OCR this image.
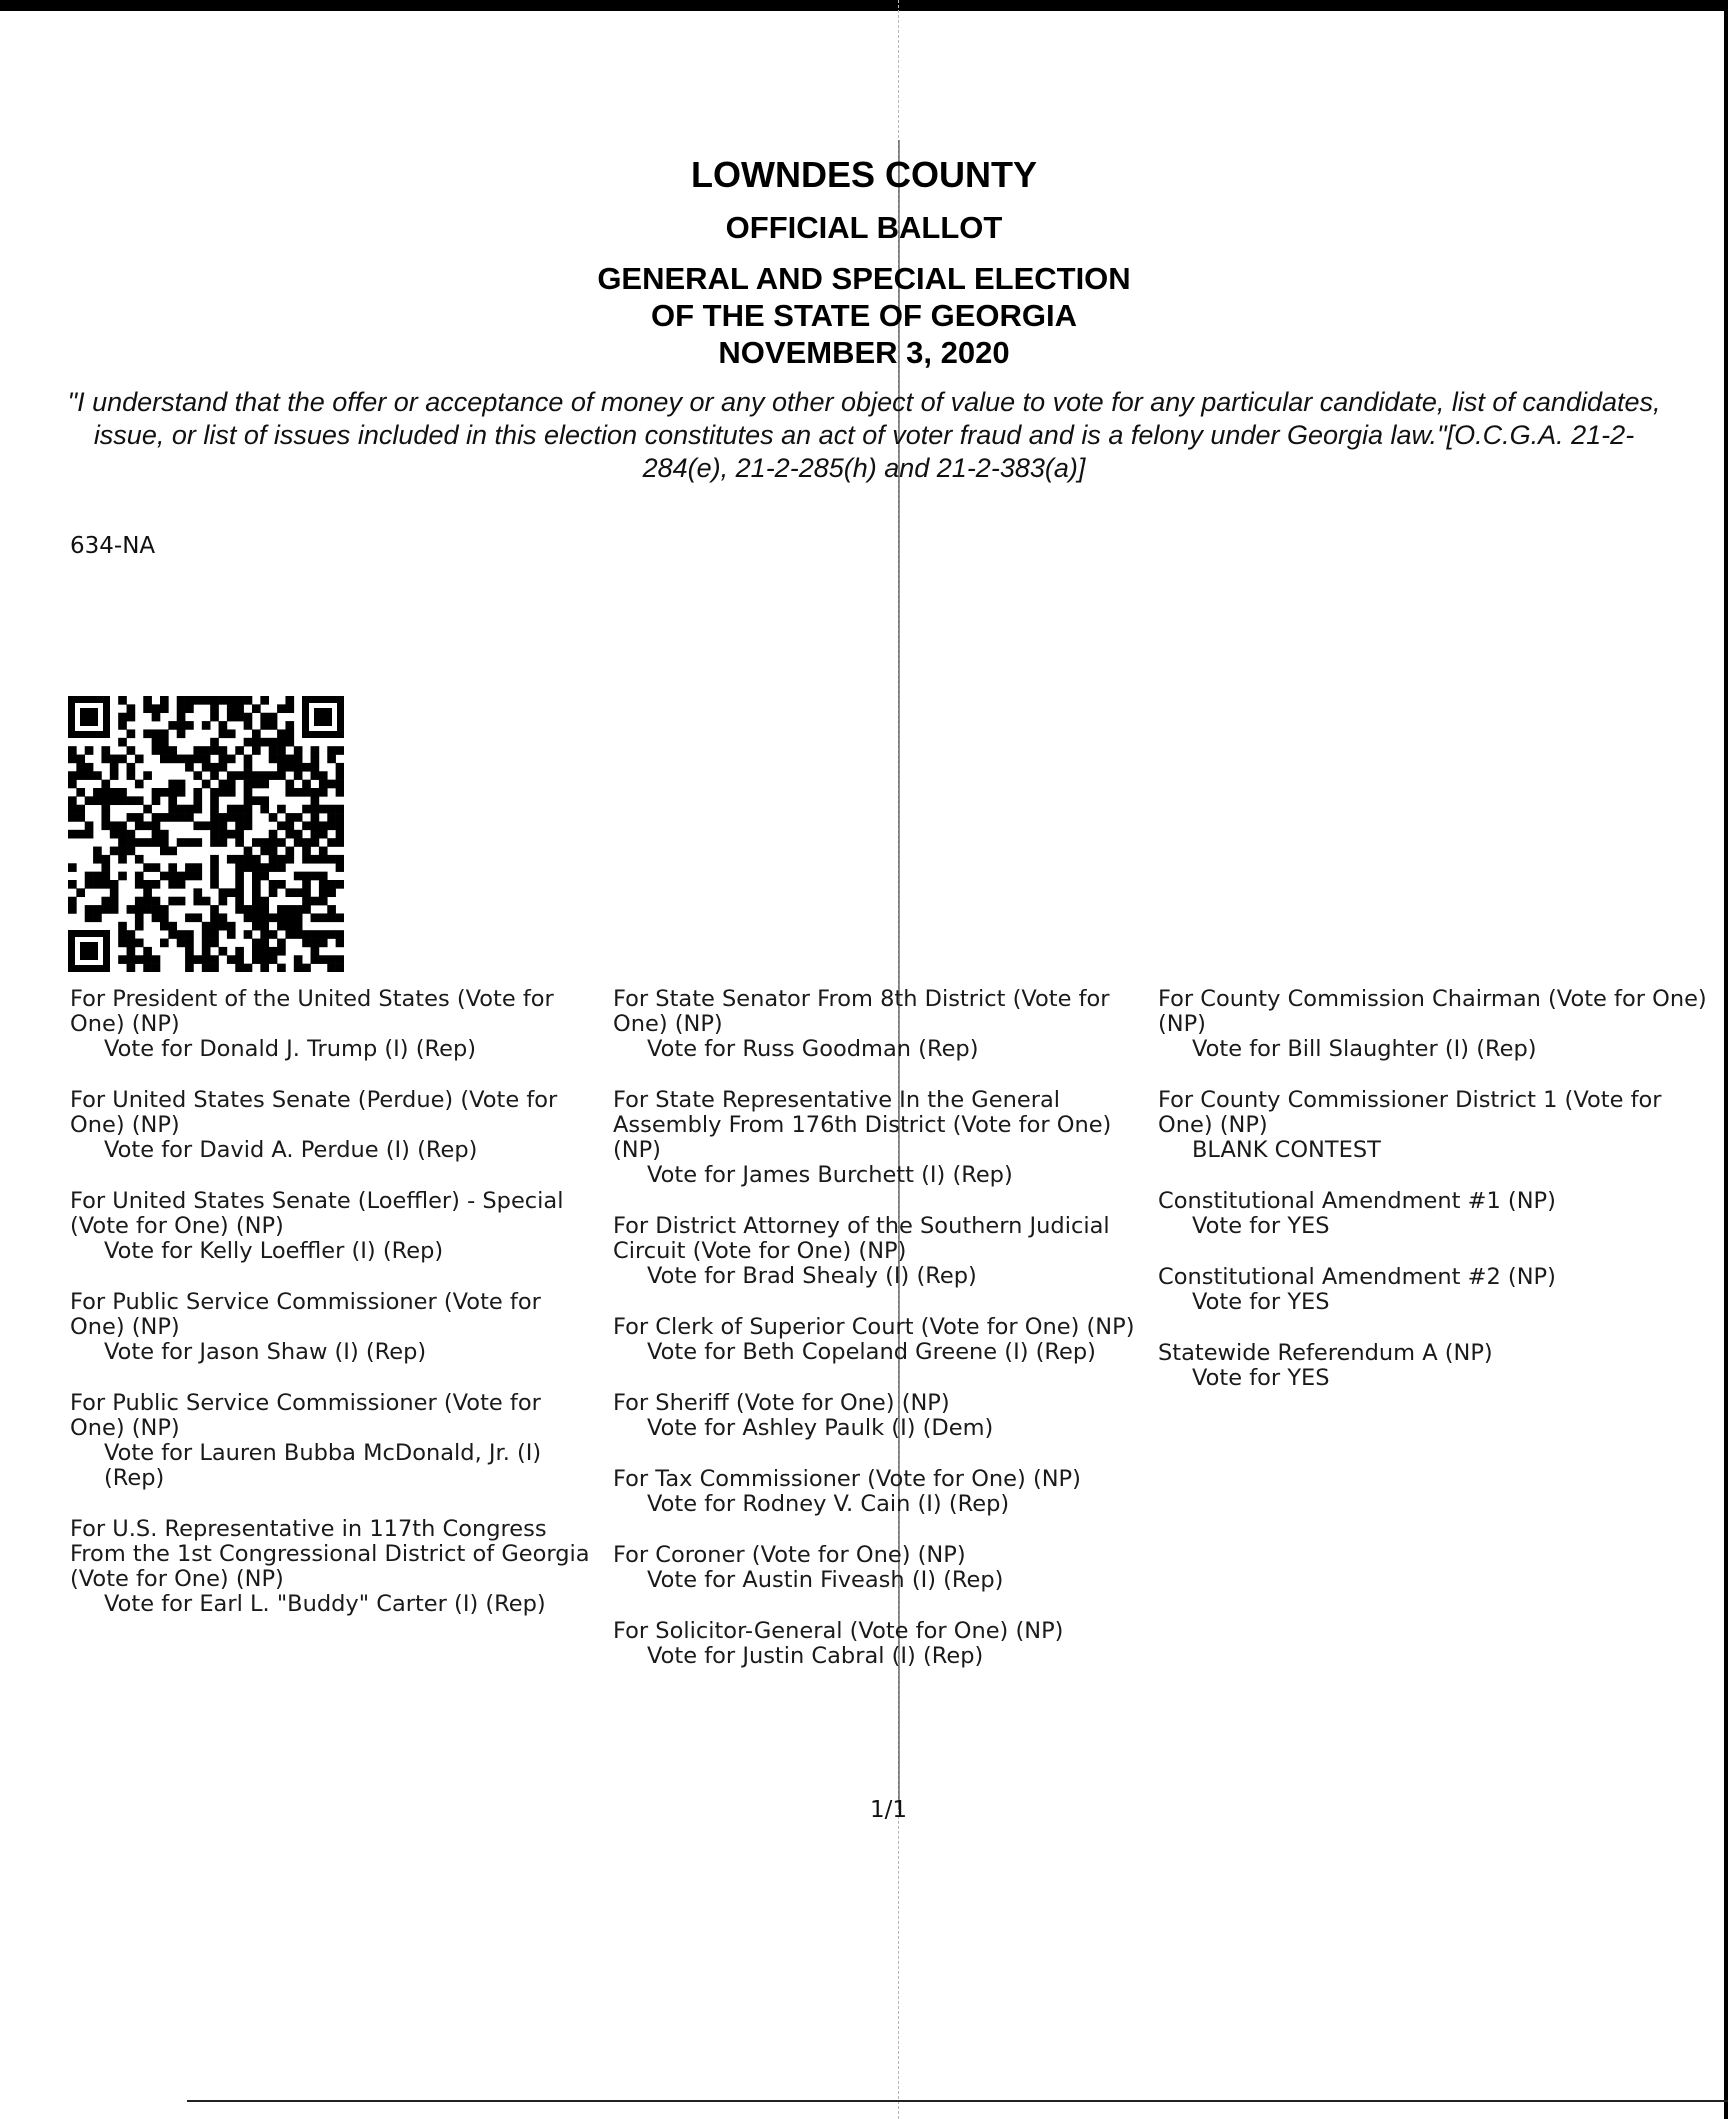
LOWNDES COUNTY
OFFICIAL BALLOT
GENERAL AND SPECIAL ELECTION
OF THE STATE OF GEORGIA
NOVEMBER 3, 2020
"I understand that the offer or acceptance of money or any other object of value to vote for any particular candidate, list of candidates, issue, or list of issues included in this election constitutes an act of voter fraud and is a felony under Georgia law."[O.C.G.A. 21-2-284(e), 21-2-285(h) and 21-2-383(a)]
634-NA
For President of the United States (Vote for One) (NP)
Vote for Donald J. Trump (I) (Rep)
For United States Senate (Perdue) (Vote for One) (NP)
Vote for David A. Perdue (I) (Rep)
For United States Senate (Loeffler) - Special (Vote for One) (NP)
Vote for Kelly Loeffler (I) (Rep)
For Public Service Commissioner (Vote for One) (NP)
Vote for Jason Shaw (I) (Rep)
For Public Service Commissioner (Vote for One) (NP)
Vote for Lauren Bubba McDonald, Jr. (I) (Rep)
For U.S. Representative in 117th Congress From the 1st Congressional District of Georgia (Vote for One) (NP)
Vote for Earl L. "Buddy" Carter (I) (Rep)
For State Senator From 8th District (Vote for One) (NP)
Vote for Russ Goodman (Rep)
For State Representative In the General Assembly From 176th District (Vote for One) (NP)
Vote for James Burchett (I) (Rep)
For District Attorney of the Southern Judicial Circuit (Vote for One) (NP)
Vote for Brad Shealy (I) (Rep)
For Clerk of Superior Court (Vote for One) (NP)
Vote for Beth Copeland Greene (I) (Rep)
For Sheriff (Vote for One) (NP)
Vote for Ashley Paulk (I) (Dem)
For Tax Commissioner (Vote for One) (NP)
Vote for Rodney V. Cain (I) (Rep)
For Coroner (Vote for One) (NP)
Vote for Austin Fiveash (I) (Rep)
For Solicitor-General (Vote for One) (NP)
Vote for Justin Cabral (I) (Rep)
For County Commission Chairman (Vote for One) (NP)
Vote for Bill Slaughter (I) (Rep)
For County Commissioner District 1 (Vote for One) (NP)
BLANK CONTEST
Constitutional Amendment #1 (NP)
Vote for YES
Constitutional Amendment #2 (NP)
Vote for YES
Statewide Referendum A (NP)
Vote for YES
1/1
